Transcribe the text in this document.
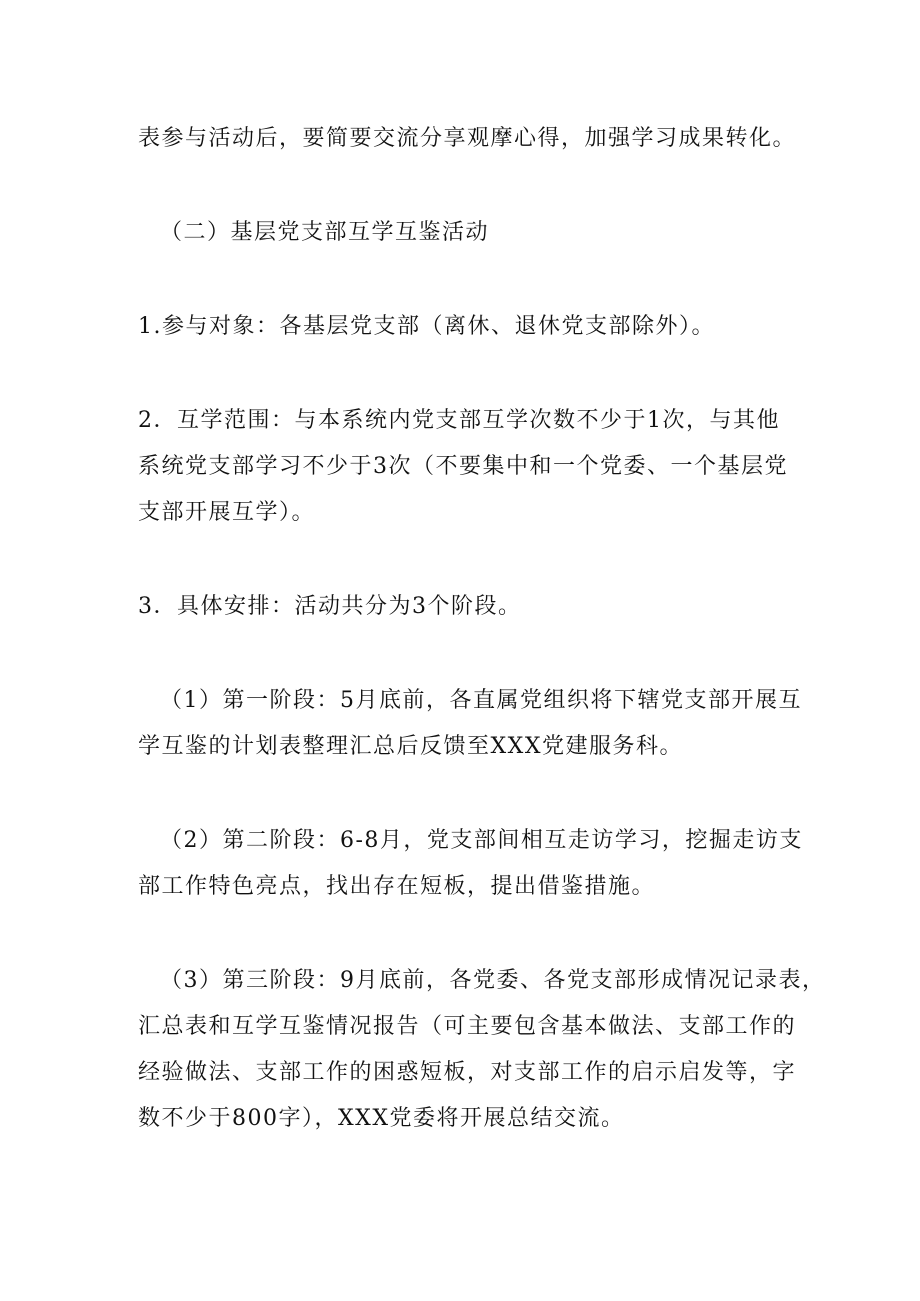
表参与活动后，要简要交流分享观摩心得，加强学习成果转化。

（二）基层党支部互学互鉴活动

1.参与对象：各基层党支部（离休、退休党支部除外）。

2．互学范围：与本系统内党支部互学次数不少于1次，与其他
系统党支部学习不少于3次（不要集中和一个党委、一个基层党
支部开展互学）。

3．具体安排：活动共分为3个阶段。

（1）第一阶段：5月底前，各直属党组织将下辖党支部开展互
学互鉴的计划表整理汇总后反馈至XXX党建服务科。

（2）第二阶段：6-8月，党支部间相互走访学习，挖掘走访支
部工作特色亮点，找出存在短板，提出借鉴措施。

（3）第三阶段：9月底前，各党委、各党支部形成情况记录表，
汇总表和互学互鉴情况报告（可主要包含基本做法、支部工作的
经验做法、支部工作的困惑短板，对支部工作的启示启发等，字
数不少于800字），XXX党委将开展总结交流。
